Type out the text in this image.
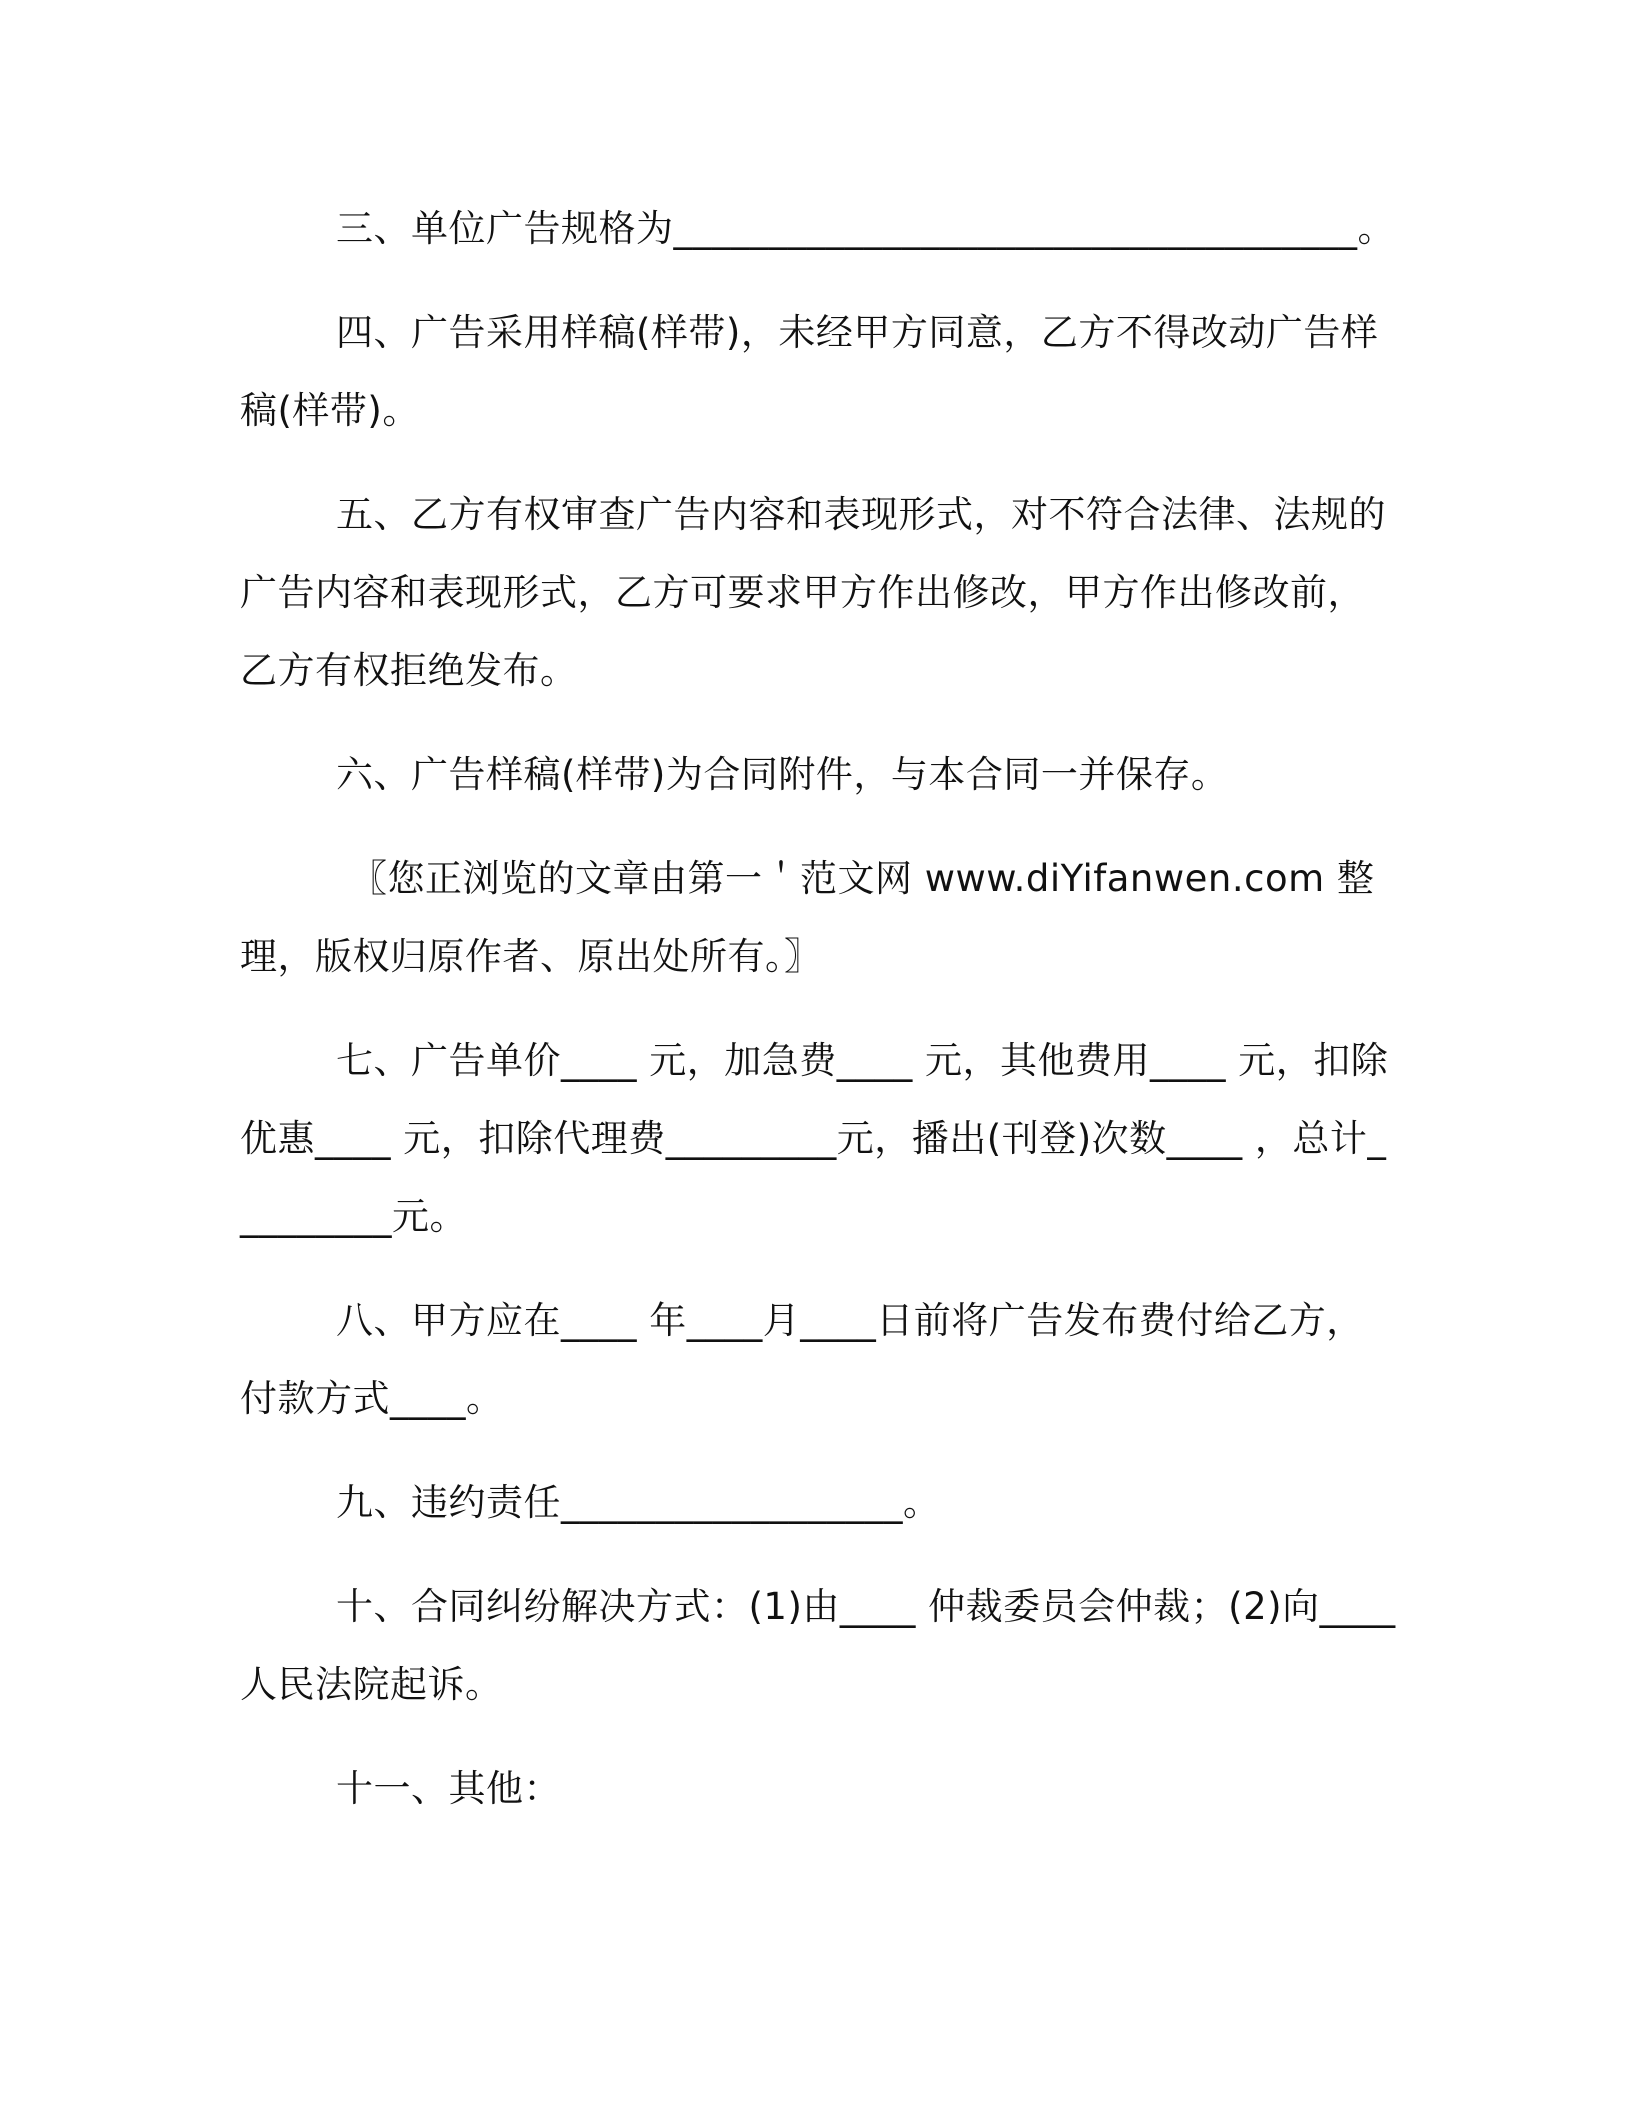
三、单位广告规格为____________________________________。

四、广告采用样稿(样带)，未经甲方同意，乙方不得改动广告样稿(样带)。

五、乙方有权审查广告内容和表现形式，对不符合法律、法规的广告内容和表现形式，乙方可要求甲方作出修改，甲方作出修改前，乙方有权拒绝发布。

六、广告样稿(样带)为合同附件，与本合同一并保存。

〖您正浏览的文章由第一＇范文网 www.diYifanwen.com 整理，版权归原作者、原出处所有。〗

七、广告单价____ 元，加急费____ 元，其他费用____ 元，扣除优惠____ 元，扣除代理费_________元，播出(刊登)次数____ ，总计_________元。

八、甲方应在____ 年____月____日前将广告发布费付给乙方，付款方式____。

九、违约责任__________________。

十、合同纠纷解决方式：(1)由____ 仲裁委员会仲裁；(2)向____ 人民法院起诉。

十一、其他：
